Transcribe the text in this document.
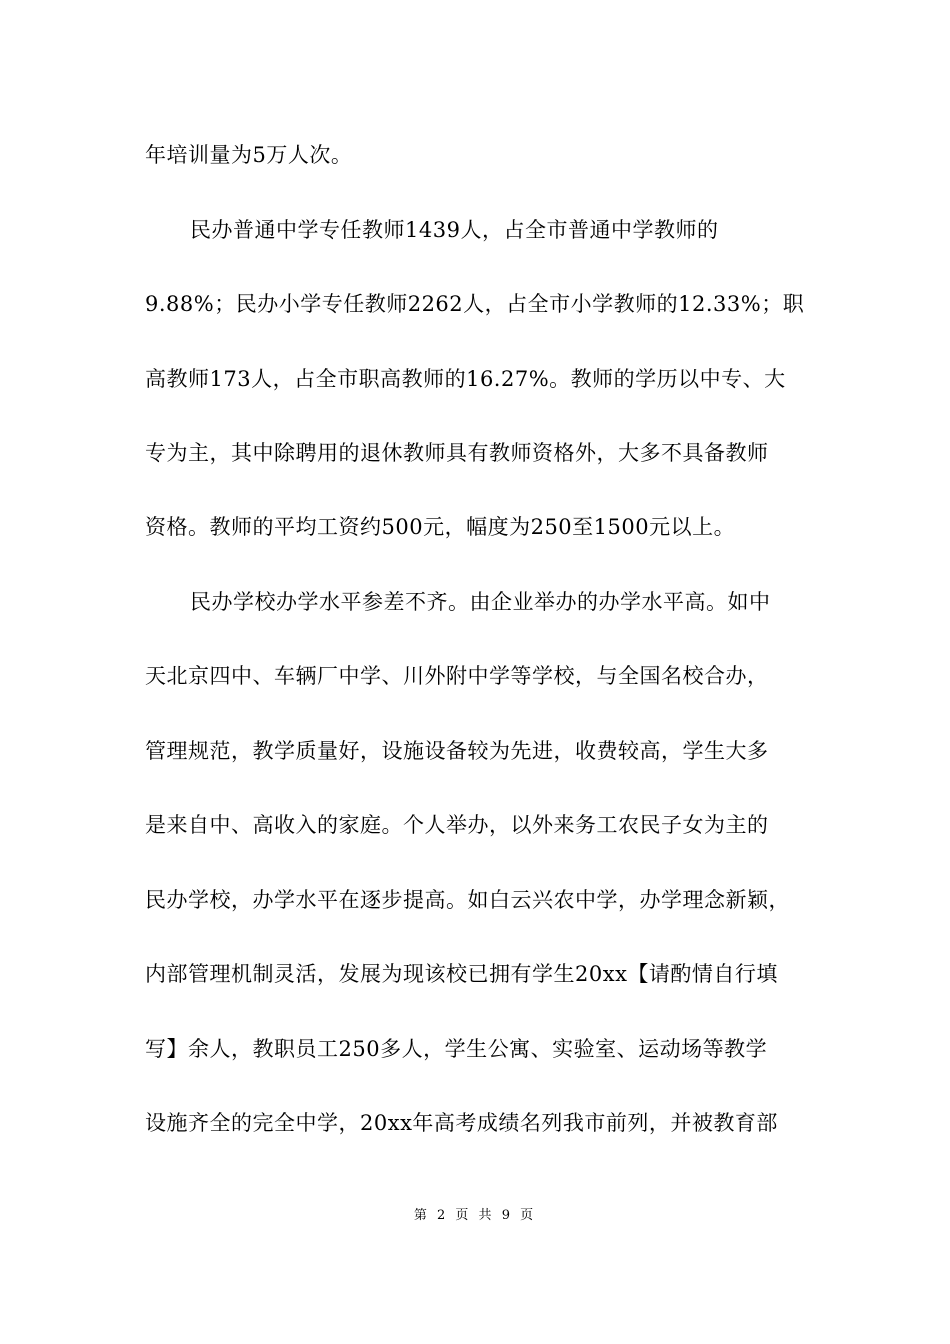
年培训量为5万人次。
民办普通中学专任教师1439人，占全市普通中学教师的
9.88%；民办小学专任教师2262人，占全市小学教师的12.33%；职
高教师173人，占全市职高教师的16.27%。教师的学历以中专、大
专为主，其中除聘用的退休教师具有教师资格外，大多不具备教师
资格。教师的平均工资约500元，幅度为250至1500元以上。
民办学校办学水平参差不齐。由企业举办的办学水平高。如中
天北京四中、车辆厂中学、川外附中学等学校，与全国名校合办，
管理规范，教学质量好，设施设备较为先进，收费较高，学生大多
是来自中、高收入的家庭。个人举办，以外来务工农民子女为主的
民办学校，办学水平在逐步提高。如白云兴农中学，办学理念新颖，
内部管理机制灵活，发展为现该校已拥有学生20xx【请酌情自行填
写】余人，教职员工250多人，学生公寓、实验室、运动场等教学
设施齐全的完全中学，20xx年高考成绩名列我市前列，并被教育部
第 2 页 共 9 页
